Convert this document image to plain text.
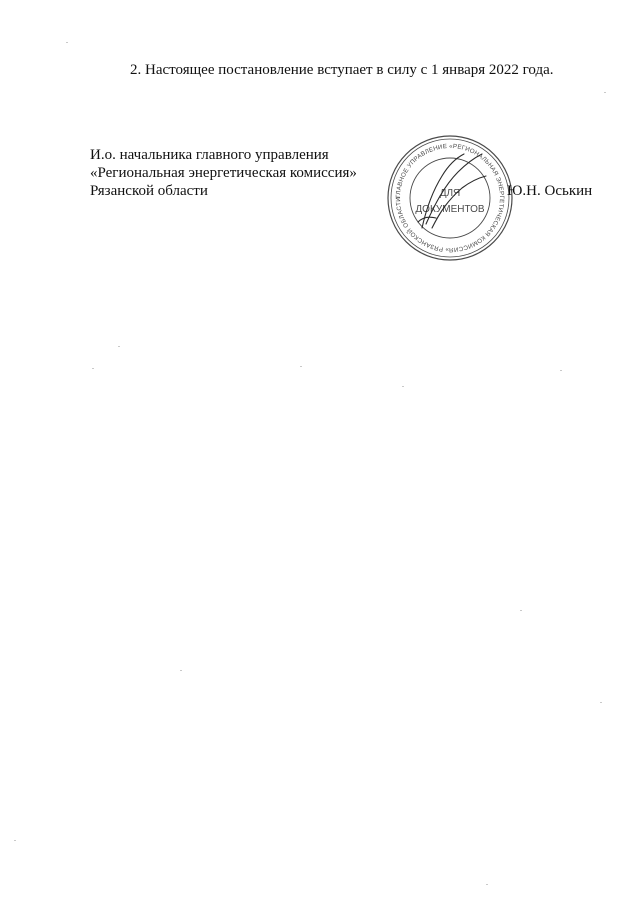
2. Настоящее постановление вступает в силу с 1 января 2022 года.
И.о. начальника главного управления
«Региональная энергетическая комиссия»
Рязанской области	ГЛАВНОЕ УПРАВЛЕНИЕ «РЕГИОНАЛЬНАЯ ЭНЕРГЕТИЧЕСКАЯ КОМИССИЯ» РЯЗАНСКОЙ ОБЛАСТИ
ДЛЯ
ДОКУМЕНТОВ
Ю.Н. Оськин
